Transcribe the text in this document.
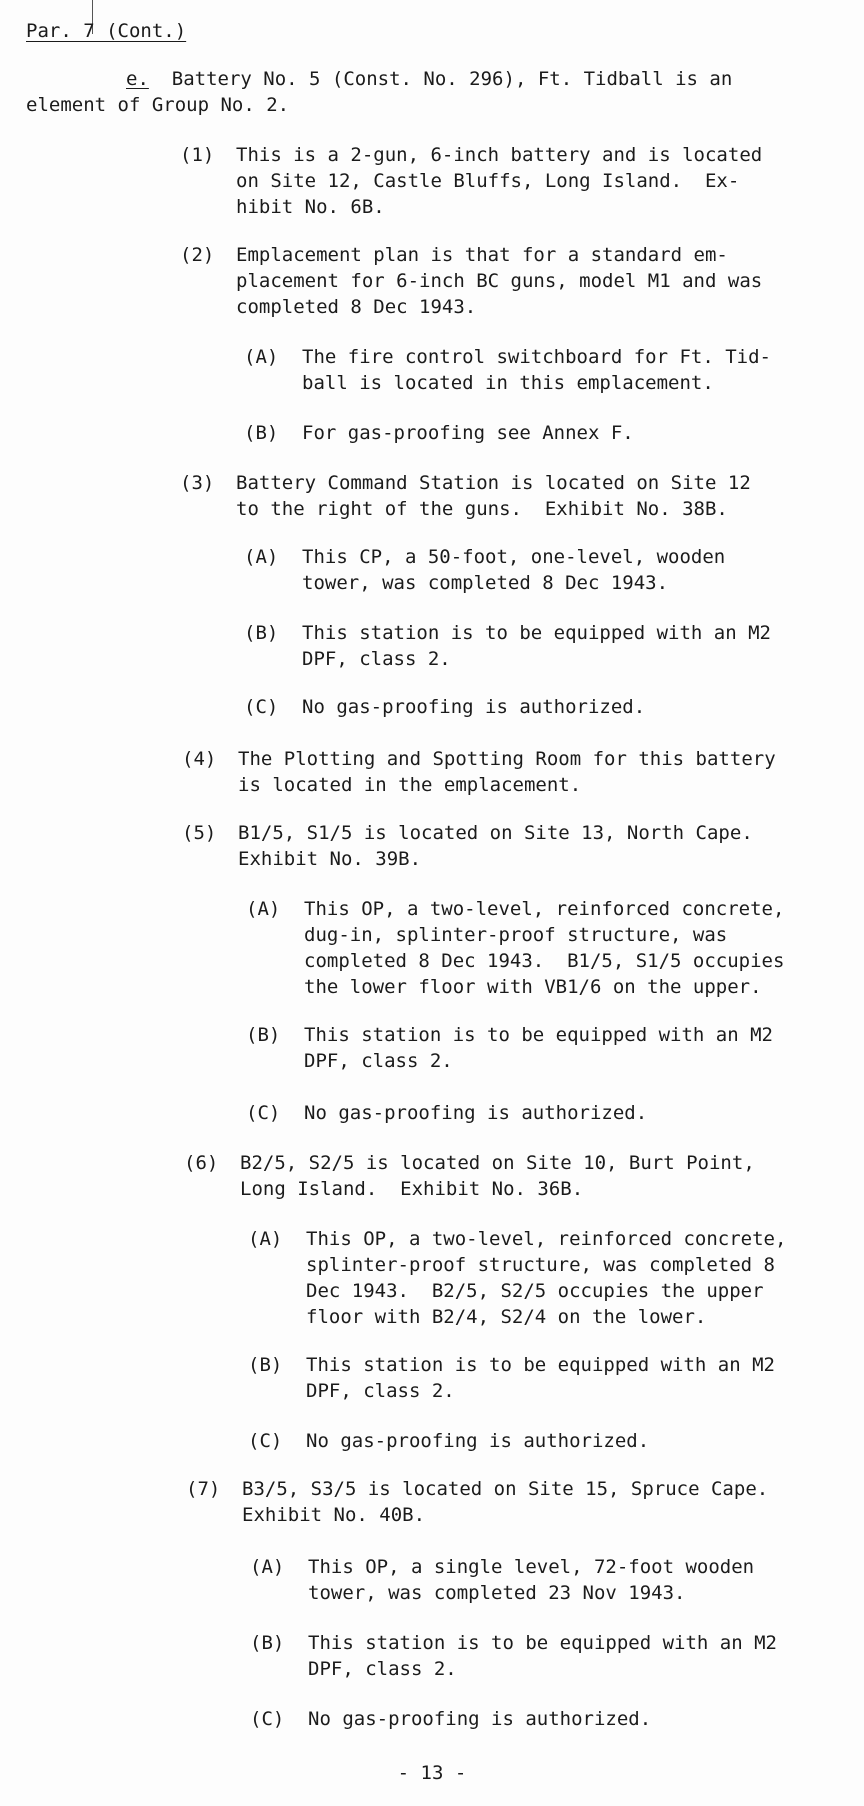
Par. 7 (Cont.)
e.  Battery No. 5 (Const. No. 296), Ft. Tidball is an
element of Group No. 2.
(1)	This is a 2-gun, 6-inch battery and is located
on Site 12, Castle Bluffs, Long Island.  Ex-
hibit No. 6B.
(2)	Emplacement plan is that for a standard em-
placement for 6-inch BC guns, model M1 and was
completed 8 Dec 1943.
(A)	The fire control switchboard for Ft. Tid-
ball is located in this emplacement.
(B)	For gas-proofing see Annex F.
(3)	Battery Command Station is located on Site 12
to the right of the guns.  Exhibit No. 38B.
(A)	This CP, a 50-foot, one-level, wooden
tower, was completed 8 Dec 1943.
(B)	This station is to be equipped with an M2
DPF, class 2.
(C)	No gas-proofing is authorized.
(4)	The Plotting and Spotting Room for this battery
is located in the emplacement.
(5)	B1/5, S1/5 is located on Site 13, North Cape.
Exhibit No. 39B.
(A)	This OP, a two-level, reinforced concrete,
dug-in, splinter-proof structure, was
completed 8 Dec 1943.  B1/5, S1/5 occupies
the lower floor with VB1/6 on the upper.
(B)	This station is to be equipped with an M2
DPF, class 2.
(C)	No gas-proofing is authorized.
(6)	B2/5, S2/5 is located on Site 10, Burt Point,
Long Island.  Exhibit No. 36B.
(A)	This OP, a two-level, reinforced concrete,
splinter-proof structure, was completed 8
Dec 1943.  B2/5, S2/5 occupies the upper
floor with B2/4, S2/4 on the lower.
(B)	This station is to be equipped with an M2
DPF, class 2.
(C)	No gas-proofing is authorized.
(7)	B3/5, S3/5 is located on Site 15, Spruce Cape.
Exhibit No. 40B.
(A)	This OP, a single level, 72-foot wooden
tower, was completed 23 Nov 1943.
(B)	This station is to be equipped with an M2
DPF, class 2.
(C)	No gas-proofing is authorized.
- 13 -
